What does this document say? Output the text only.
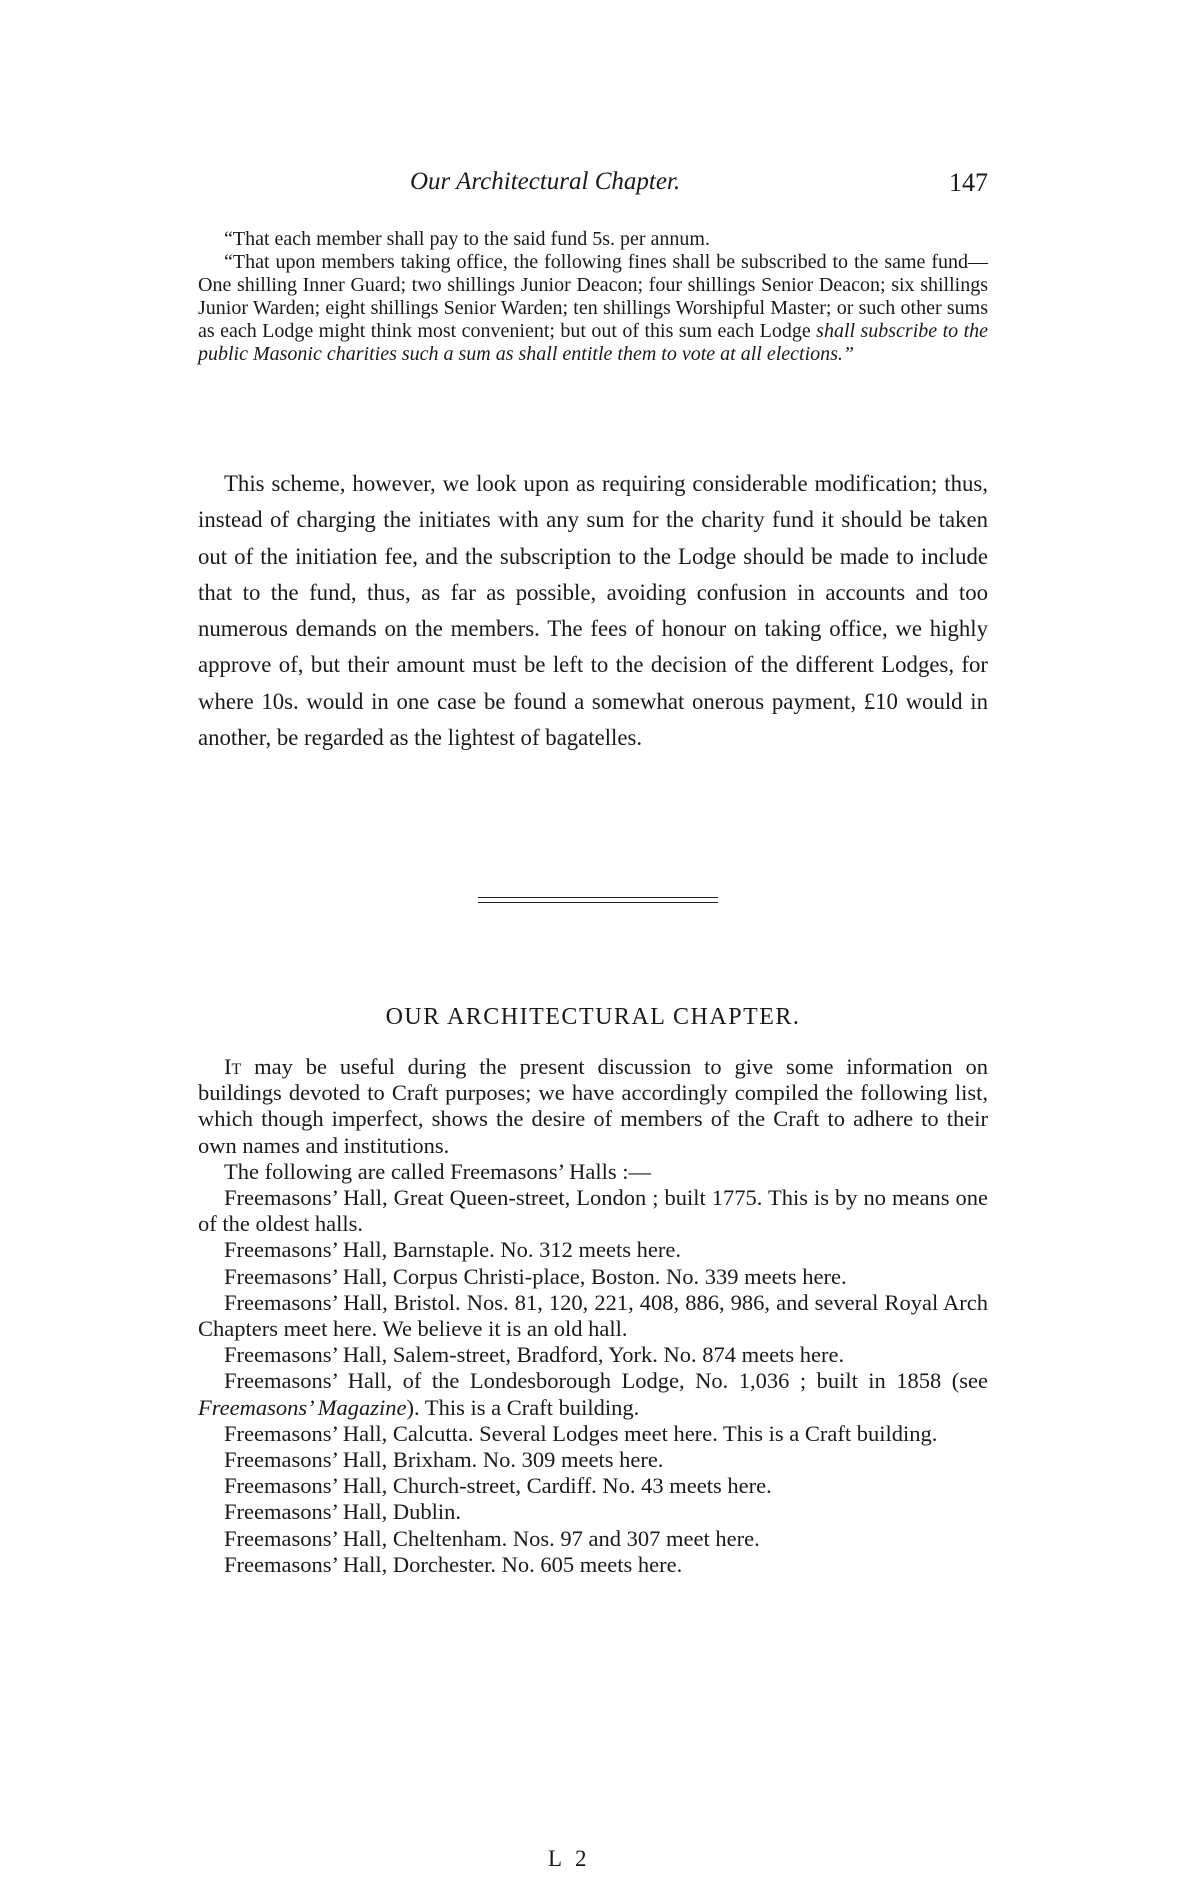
Our Architectural Chapter.	147

“That each member shall pay to the said fund 5s. per annum.

“That upon members taking office, the following fines shall be subscribed to the same fund—One shilling Inner Guard; two shillings Junior Deacon; four shillings Senior Deacon; six shillings Junior Warden; eight shillings Senior Warden; ten shillings Worshipful Master; or such other sums as each Lodge might think most convenient; but out of this sum each Lodge shall subscribe to the public Masonic charities such a sum as shall entitle them to vote at all elections.”

This scheme, however, we look upon as requiring considerable modification; thus, instead of charging the initiates with any sum for the charity fund it should be taken out of the initiation fee, and the subscription to the Lodge should be made to include that to the fund, thus, as far as possible, avoiding confusion in accounts and too numerous demands on the members. The fees of honour on taking office, we highly approve of, but their amount must be left to the decision of the different Lodges, for where 10s. would in one case be found a somewhat onerous payment, £10 would in another, be regarded as the lightest of bagatelles.

OUR ARCHITECTURAL CHAPTER.

It may be useful during the present discussion to give some information on buildings devoted to Craft purposes; we have accordingly compiled the following list, which though imperfect, shows the desire of members of the Craft to adhere to their own names and institutions.

The following are called Freemasons’ Halls :—

Freemasons’ Hall, Great Queen-street, London ; built 1775. This is by no means one of the oldest halls.

Freemasons’ Hall, Barnstaple. No. 312 meets here.

Freemasons’ Hall, Corpus Christi-place, Boston. No. 339 meets here.

Freemasons’ Hall, Bristol. Nos. 81, 120, 221, 408, 886, 986, and several Royal Arch Chapters meet here. We believe it is an old hall.

Freemasons’ Hall, Salem-street, Bradford, York. No. 874 meets here.

Freemasons’ Hall, of the Londesborough Lodge, No. 1,036 ; built in 1858 (see Freemasons’ Magazine). This is a Craft building.

Freemasons’ Hall, Calcutta. Several Lodges meet here. This is a Craft building.

Freemasons’ Hall, Brixham. No. 309 meets here.

Freemasons’ Hall, Church-street, Cardiff. No. 43 meets here.

Freemasons’ Hall, Dublin.

Freemasons’ Hall, Cheltenham. Nos. 97 and 307 meet here.

Freemasons’ Hall, Dorchester. No. 605 meets here.

L 2
